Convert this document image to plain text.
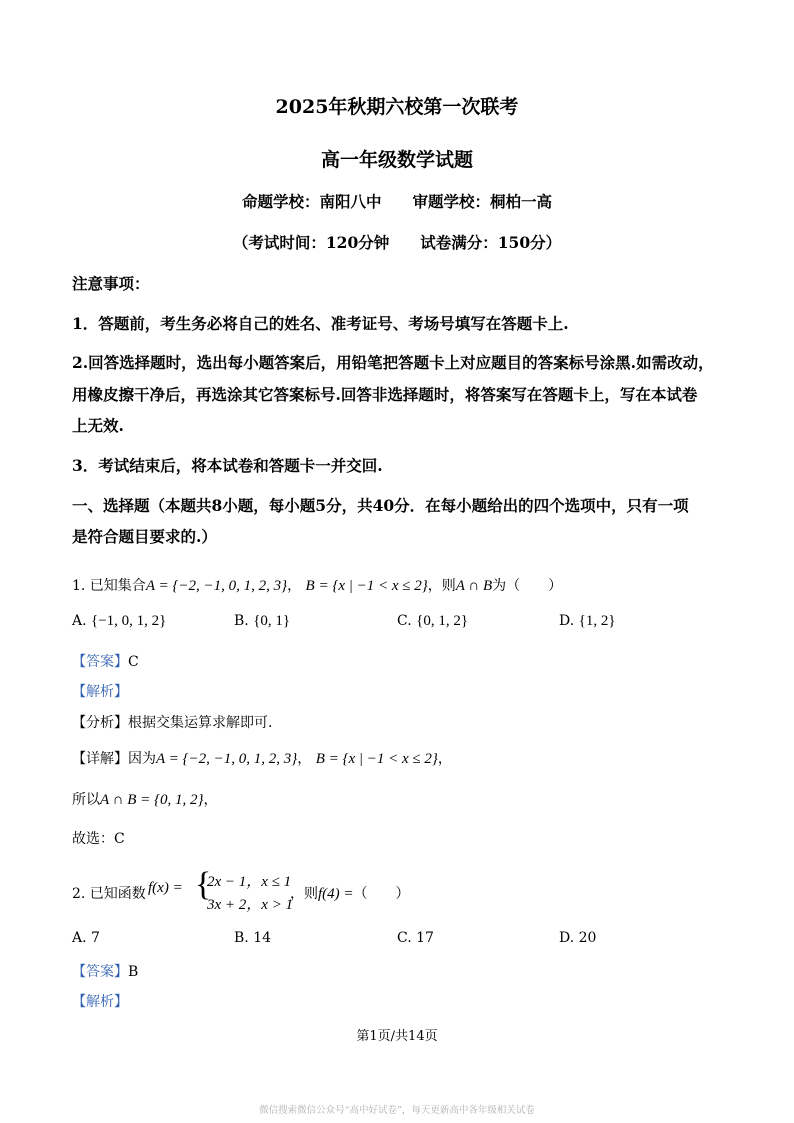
2025年秋期六校第一次联考
高一年级数学试题
命题学校：南阳八中　　审题学校：桐柏一高
（考试时间：120分钟　　试卷满分：150分）
注意事项：
1．答题前，考生务必将自己的姓名、准考证号、考场号填写在答题卡上.
2.回答选择题时，选出每小题答案后，用铅笔把答题卡上对应题目的答案标号涂黑.如需改动，
用橡皮擦干净后，再选涂其它答案标号.回答非选择题时，将答案写在答题卡上，写在本试卷
上无效.
3．考试结束后，将本试卷和答题卡一并交回.
一、选择题（本题共8小题，每小题5分，共40分．在每小题给出的四个选项中，只有一项
是符合题目要求的.）
1. 已知集合A = {−2, −1, 0, 1, 2, 3}， B = {x | −1 < x ≤ 2}，则A ∩ B为（　　）
A. {−1, 0, 1, 2}	B. {0, 1}	C. {0, 1, 2}	D. {1, 2}
【答案】C
【解析】
【分析】根据交集运算求解即可.
【详解】因为A = {−2, −1, 0, 1, 2, 3}， B = {x | −1 < x ≤ 2}，
所以A ∩ B = {0, 1, 2}，
故选：C
2. 已知函数 f(x) = {
2x − 1，x ≤ 1
3x + 2，x > 1
，则f(4) =（　　）
A. 7	B. 14	C. 17	D. 20
【答案】B
【解析】
第1页/共14页
微信搜索微信公众号“高中好试卷”，每天更新高中各年级相关试卷
